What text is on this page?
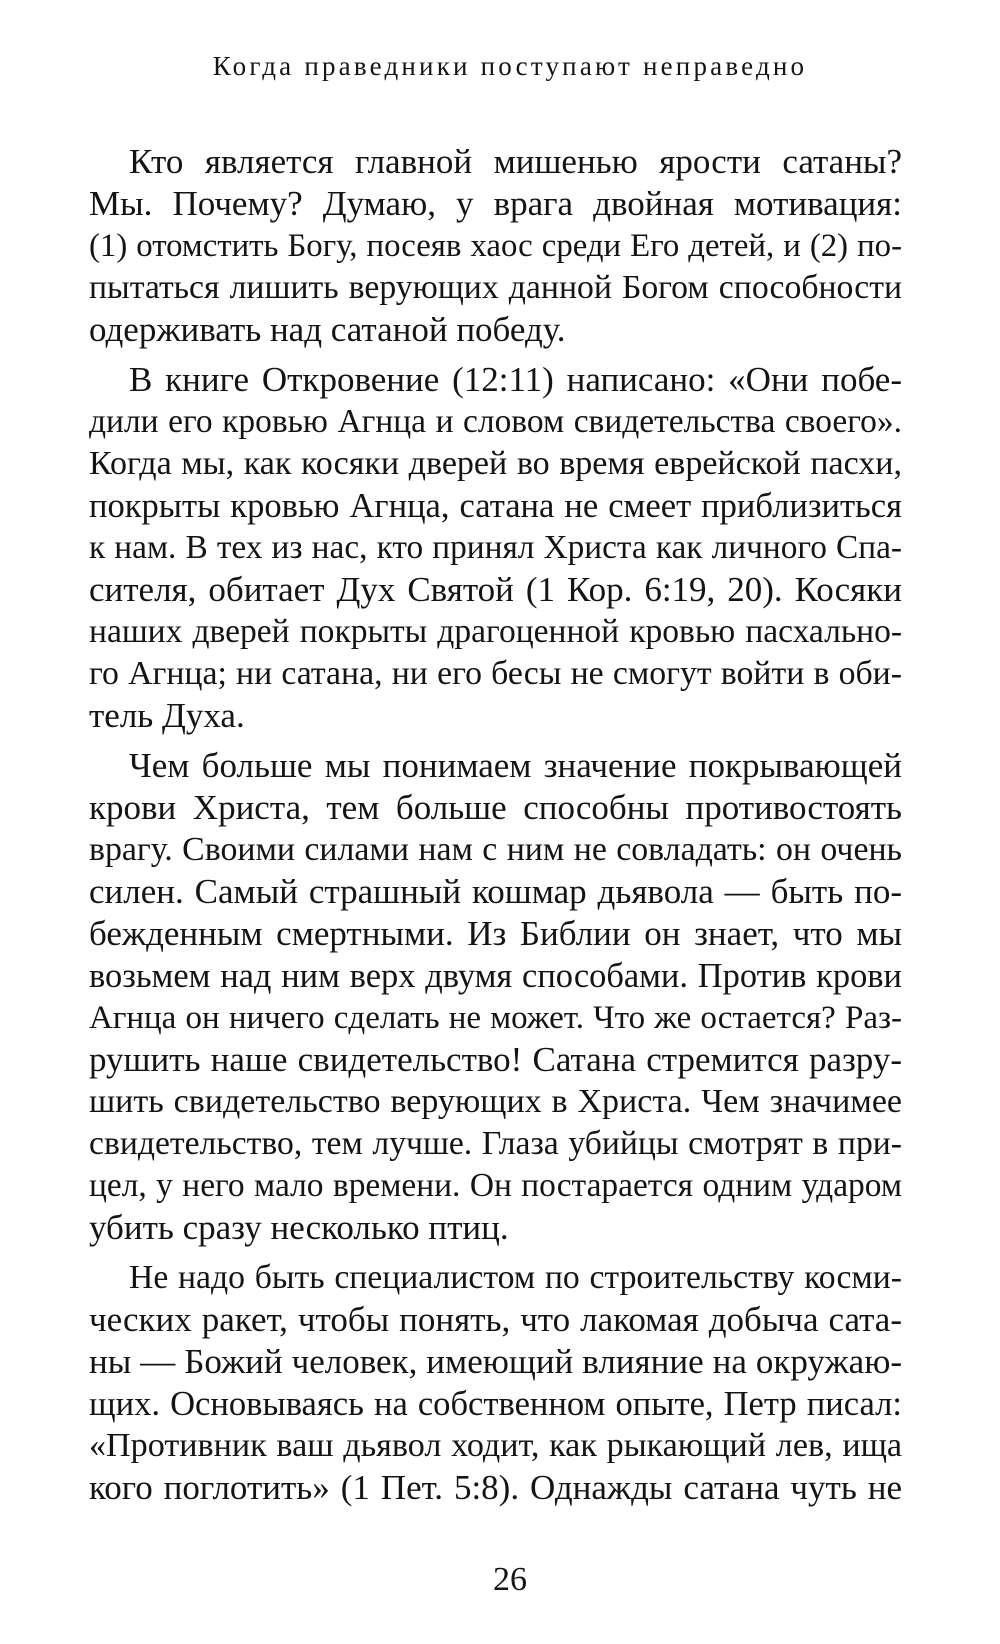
Когда праведники поступают неправедно
Кто является главной мишенью ярости сатаны?
Мы. Почему? Думаю, у врага двойная мотивация:
(1) отомстить Богу, посеяв хаос среди Его детей, и (2) по-
пытаться лишить верующих данной Богом способности
одерживать над сатаной победу.
В книге Откровение (12:11) написано: «Они побе-
дили его кровью Агнца и словом свидетельства своего».
Когда мы, как косяки дверей во время еврейской пасхи,
покрыты кровью Агнца, сатана не смеет приблизиться
к нам. В тех из нас, кто принял Христа как личного Спа-
сителя, обитает Дух Святой (1 Кор. 6:19, 20). Косяки
наших дверей покрыты драгоценной кровью пасхально-
го Агнца; ни сатана, ни его бесы не смогут войти в оби-
тель Духа.
Чем больше мы понимаем значение покрывающей
крови Христа, тем больше способны противостоять
врагу. Своими силами нам с ним не совладать: он очень
силен. Самый страшный кошмар дьявола — быть по-
бежденным смертными. Из Библии он знает, что мы
возьмем над ним верх двумя способами. Против крови
Агнца он ничего сделать не может. Что же остается? Раз-
рушить наше свидетельство! Сатана стремится разру-
шить свидетельство верующих в Христа. Чем значимее
свидетельство, тем лучше. Глаза убийцы смотрят в при-
цел, у него мало времени. Он постарается одним ударом
убить сразу несколько птиц.
Не надо быть специалистом по строительству косми-
ческих ракет, чтобы понять, что лакомая добыча сата-
ны — Божий человек, имеющий влияние на окружаю-
щих. Основываясь на собственном опыте, Петр писал:
«Противник ваш дьявол ходит, как рыкающий лев, ища
кого поглотить» (1 Пет. 5:8). Однажды сатана чуть не
26
